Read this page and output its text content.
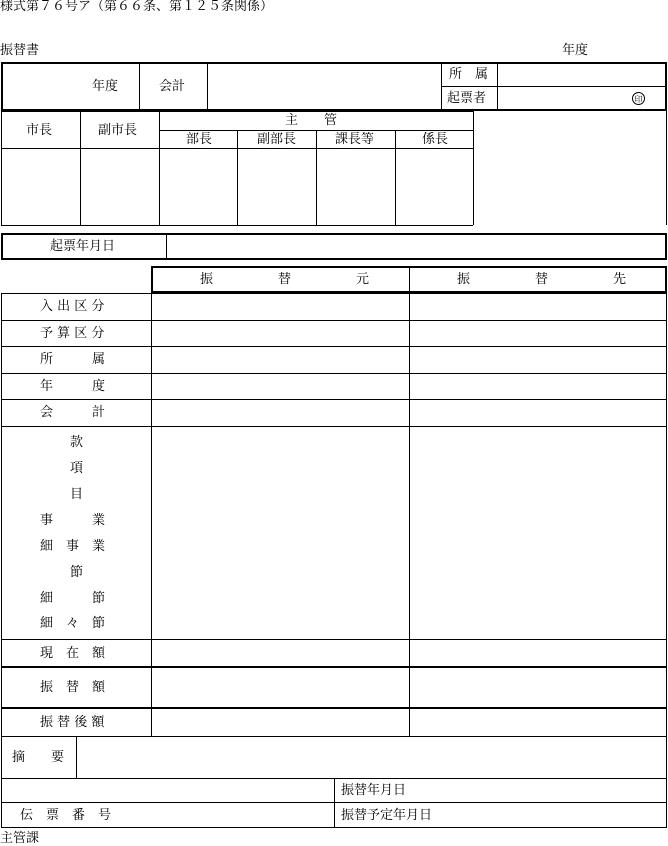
様式第７６号ア（第６６条、第１２５条関係）
振替書	年度
年度	会計
所　属
起票者	印
市長	副市長
主　　管
部長	副部長	課長等	係長
起票年月日
振　　　　　替　　　　　元	振　　　　　替　　　　　先
入 出 区 分
予 算 区 分
所　　　属
年　　　度
会　　　計
款
項
目
事　　　業
細　事　業
節
細　　　節
細　々　節
現　在　額
振　替　額
振 替 後 額
摘　　要
振替年月日
伝　票　番　号	振替予定年月日
主管課
